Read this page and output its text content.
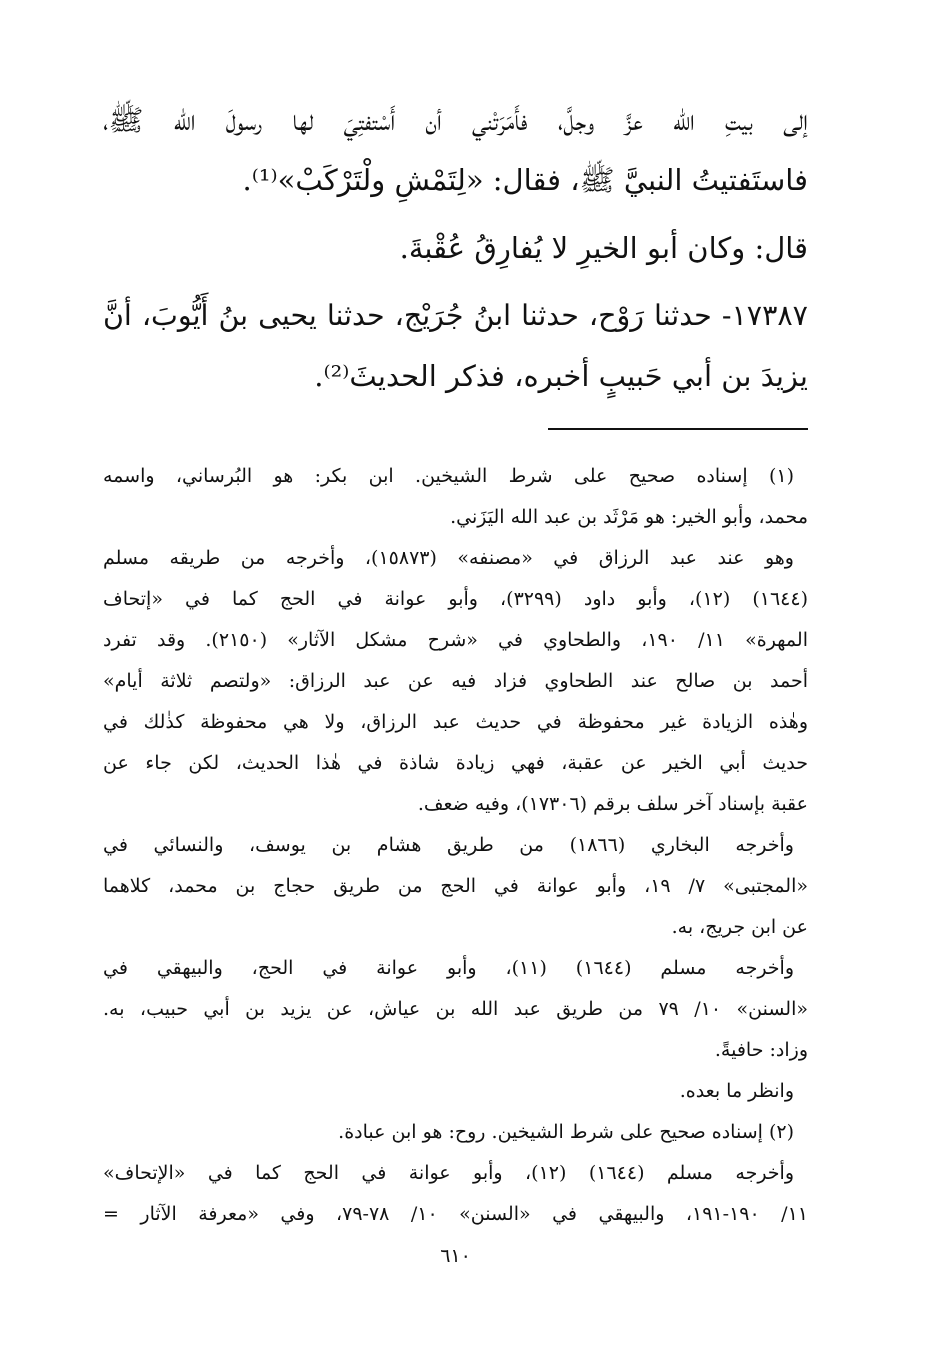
إلى بيتِ الله عزَّ وجلَّ، فأَمَرَتْني أن أَسْتفتِيَ لها رسولَ الله ﷺ،
فاستَفتيتُ النبيَّ ﷺ، فقال: «لِتَمْشِ ولْتَرْكَبْ»⁽¹⁾.
قال: وكان أبو الخيرِ لا يُفارِقُ عُقْبةَ.
١٧٣٨٧- حدثنا رَوْح، حدثنا ابنُ جُرَيْج، حدثنا يحيى بنُ أَيُّوبَ، أنَّ
يزيدَ بن أبي حَبيبٍ أخبره، فذكر الحديثَ⁽²⁾.
(١) إسناده صحيح على شرط الشيخين. ابن بكر: هو البُرساني، واسمه
محمد، وأبو الخير: هو مَرْثَد بن عبد الله اليَزَني.
وهو عند عبد الرزاق في «مصنفه» (١٥٨٧٣)، وأخرجه من طريقه مسلم
(١٦٤٤) (١٢)، وأبو داود (٣٢٩٩)، وأبو عوانة في الحج كما في «إتحاف
المهرة» ١١/ ١٩٠، والطحاوي في «شرح مشكل الآثار» (٢١٥٠). وقد تفرد
أحمد بن صالح عند الطحاوي فزاد فيه عن عبد الرزاق: «ولتصم ثلاثة أيام»
وهٰذه الزيادة غير محفوظة في حديث عبد الرزاق، ولا هي محفوظة كذٰلك في
حديث أبي الخير عن عقبة، فهي زيادة شاذة في هٰذا الحديث، لكن جاء عن
عقبة بإسناد آخر سلف برقم (١٧٣٠٦)، وفيه ضعف.
وأخرجه البخاري (١٨٦٦) من طريق هشام بن يوسف، والنسائي في
«المجتبى» ٧/ ١٩، وأبو عوانة في الحج من طريق حجاج بن محمد، كلاهما
عن ابن جريج، به.
وأخرجه مسلم (١٦٤٤) (١١)، وأبو عوانة في الحج، والبيهقي في
«السنن» ١٠/ ٧٩ من طريق عبد الله بن عياش، عن يزيد بن أبي حبيب، به.
وزاد: حافيةً.
وانظر ما بعده.
(٢) إسناده صحيح على شرط الشيخين. روح: هو ابن عبادة.
وأخرجه مسلم (١٦٤٤) (١٢)، وأبو عوانة في الحج كما في «الإتحاف»
١١/ ١٩٠-١٩١، والبيهقي في «السنن» ١٠/ ٧٨-٧٩، وفي «معرفة الآثار =
٦١٠
